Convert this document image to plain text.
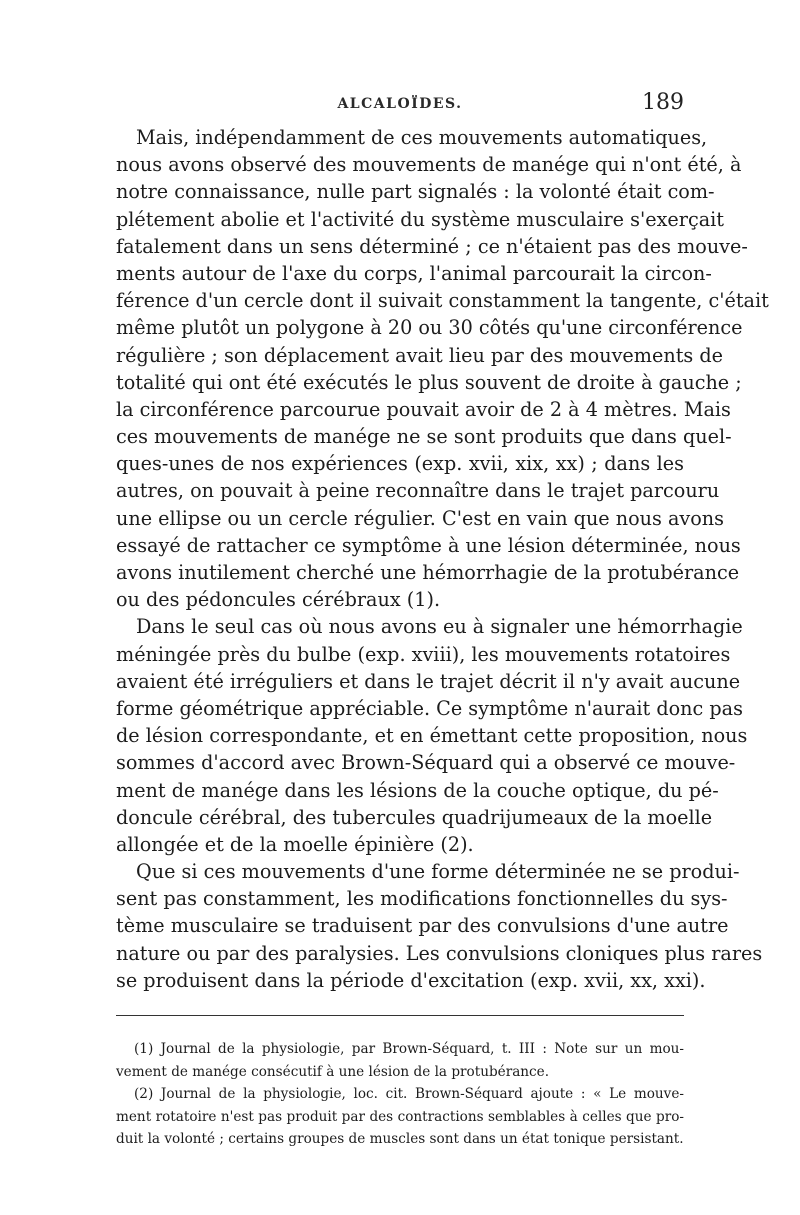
ALCALOÏDES.	189
Mais, indépendamment de ces mouvements automatiques,
nous avons observé des mouvements de manége qui n'ont été, à
notre connaissance, nulle part signalés : la volonté était com-
plétement abolie et l'activité du système musculaire s'exerçait
fatalement dans un sens déterminé ; ce n'étaient pas des mouve-
ments autour de l'axe du corps, l'animal parcourait la circon-
férence d'un cercle dont il suivait constamment la tangente, c'était
même plutôt un polygone à 20 ou 30 côtés qu'une circonférence
régulière ; son déplacement avait lieu par des mouvements de
totalité qui ont été exécutés le plus souvent de droite à gauche ;
la circonférence parcourue pouvait avoir de 2 à 4 mètres. Mais
ces mouvements de manége ne se sont produits que dans quel-
ques-unes de nos expériences (exp. xvii, xix, xx) ; dans les
autres, on pouvait à peine reconnaître dans le trajet parcouru
une ellipse ou un cercle régulier. C'est en vain que nous avons
essayé de rattacher ce symptôme à une lésion déterminée, nous
avons inutilement cherché une hémorrhagie de la protubérance
ou des pédoncules cérébraux (1).
Dans le seul cas où nous avons eu à signaler une hémorrhagie
méningée près du bulbe (exp. xviii), les mouvements rotatoires
avaient été irréguliers et dans le trajet décrit il n'y avait aucune
forme géométrique appréciable. Ce symptôme n'aurait donc pas
de lésion correspondante, et en émettant cette proposition, nous
sommes d'accord avec Brown-Séquard qui a observé ce mouve-
ment de manége dans les lésions de la couche optique, du pé-
doncule cérébral, des tubercules quadrijumeaux de la moelle
allongée et de la moelle épinière (2).
Que si ces mouvements d'une forme déterminée ne se produi-
sent pas constamment, les modifications fonctionnelles du sys-
tème musculaire se traduisent par des convulsions d'une autre
nature ou par des paralysies. Les convulsions cloniques plus rares
se produisent dans la période d'excitation (exp. xvii, xx, xxi).
(1) Journal de la physiologie, par Brown-Séquard, t. III : Note sur un mou-
vement de manége consécutif à une lésion de la protubérance.
(2) Journal de la physiologie, loc. cit. Brown-Séquard ajoute : « Le mouve-
ment rotatoire n'est pas produit par des contractions semblables à celles que pro-
duit la volonté ; certains groupes de muscles sont dans un état tonique persistant.
